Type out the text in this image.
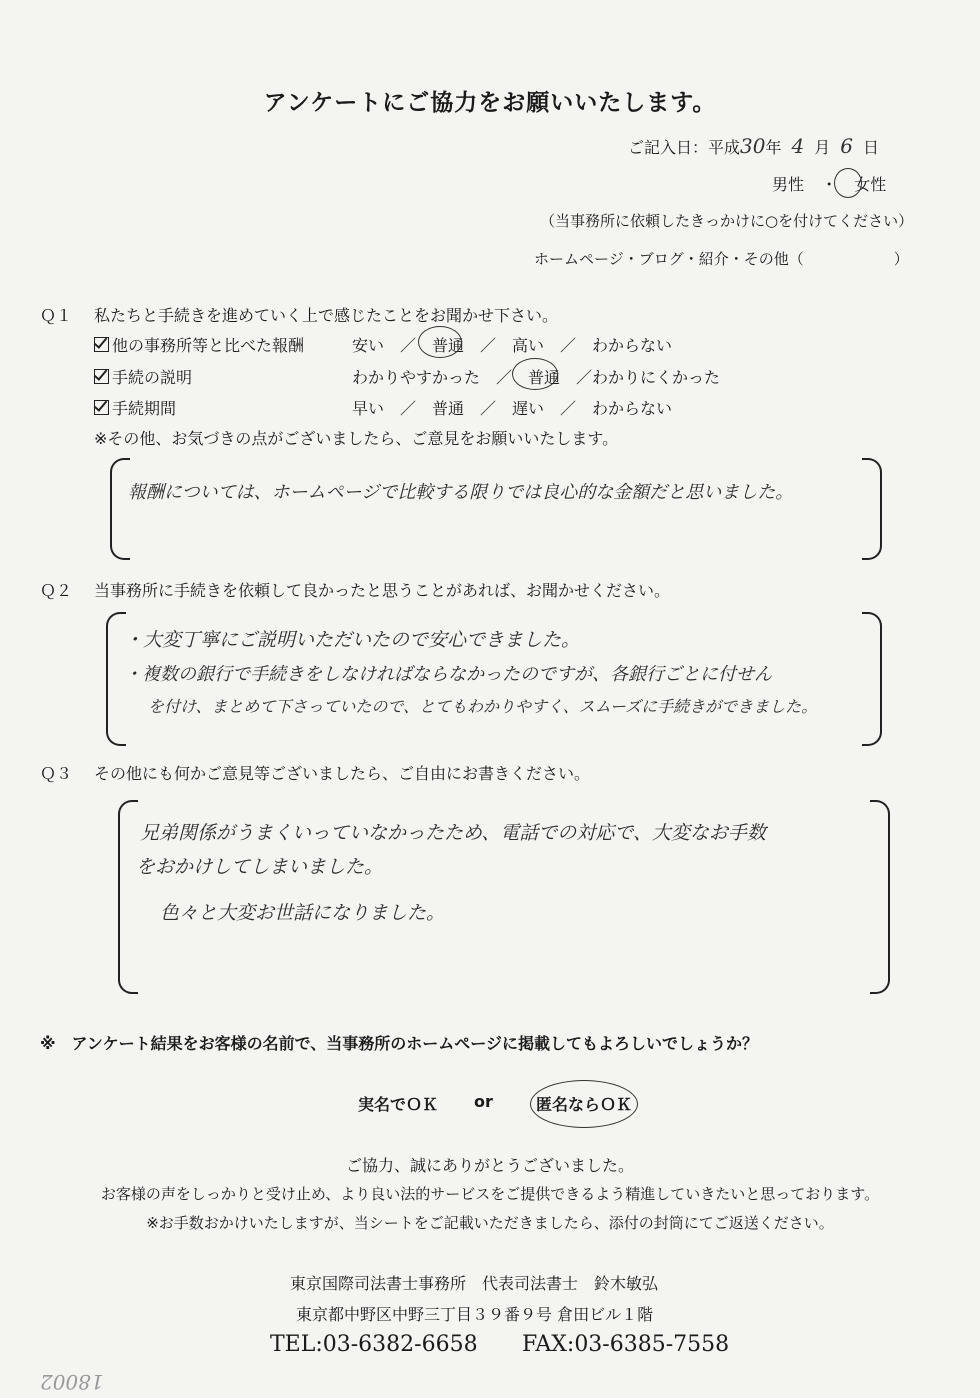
アンケートにご協力をお願いいたします。
ご記入日：平成30年 4 月 6 日
男性 ・ 女性
（当事務所に依頼したきっかけに○を付けてください）
ホームページ・ブログ・紹介・その他（　　　　　　）
Ｑ１ 私たちと手続きを進めていく上で感じたことをお聞かせ下さい。
他の事務所等と比べた報酬	安い　／　普通　／　高い　／　わからない
手続の説明	わかりやすかった　／　普通　／わかりにくかった
手続期間	早い　／　普通　／　遅い　／　わからない
※その他、お気づきの点がございましたら、ご意見をお願いいたします。
報酬については、ホームページで比較する限りでは良心的な金額だと思いました。
Ｑ２ 当事務所に手続きを依頼して良かったと思うことがあれば、お聞かせください。
・大変丁寧にご説明いただいたので安心できました。
・複数の銀行で手続きをしなければならなかったのですが、各銀行ごとに付せん
を付け、まとめて下さっていたので、とてもわかりやすく、スムーズに手続きができました。
Ｑ３ その他にも何かご意見等ございましたら、ご自由にお書きください。
兄弟関係がうまくいっていなかったため、電話での対応で、大変なお手数
をおかけしてしまいました。
色々と大変お世話になりました。
※　アンケート結果をお客様の名前で、当事務所のホームページに掲載してもよろしいでしょうか？
実名でＯＫ or	匿名ならＯＫ
ご協力、誠にありがとうございました。
お客様の声をしっかりと受け止め、より良い法的サービスをご提供できるよう精進していきたいと思っております。
※お手数おかけいたしますが、当シートをご記載いただきましたら、添付の封筒にてご返送ください。
東京国際司法書士事務所　代表司法書士　鈴木敏弘
東京都中野区中野三丁目３９番９号 倉田ビル１階
TEL:03-6382-6658 FAX:03-6385-7558
18002
